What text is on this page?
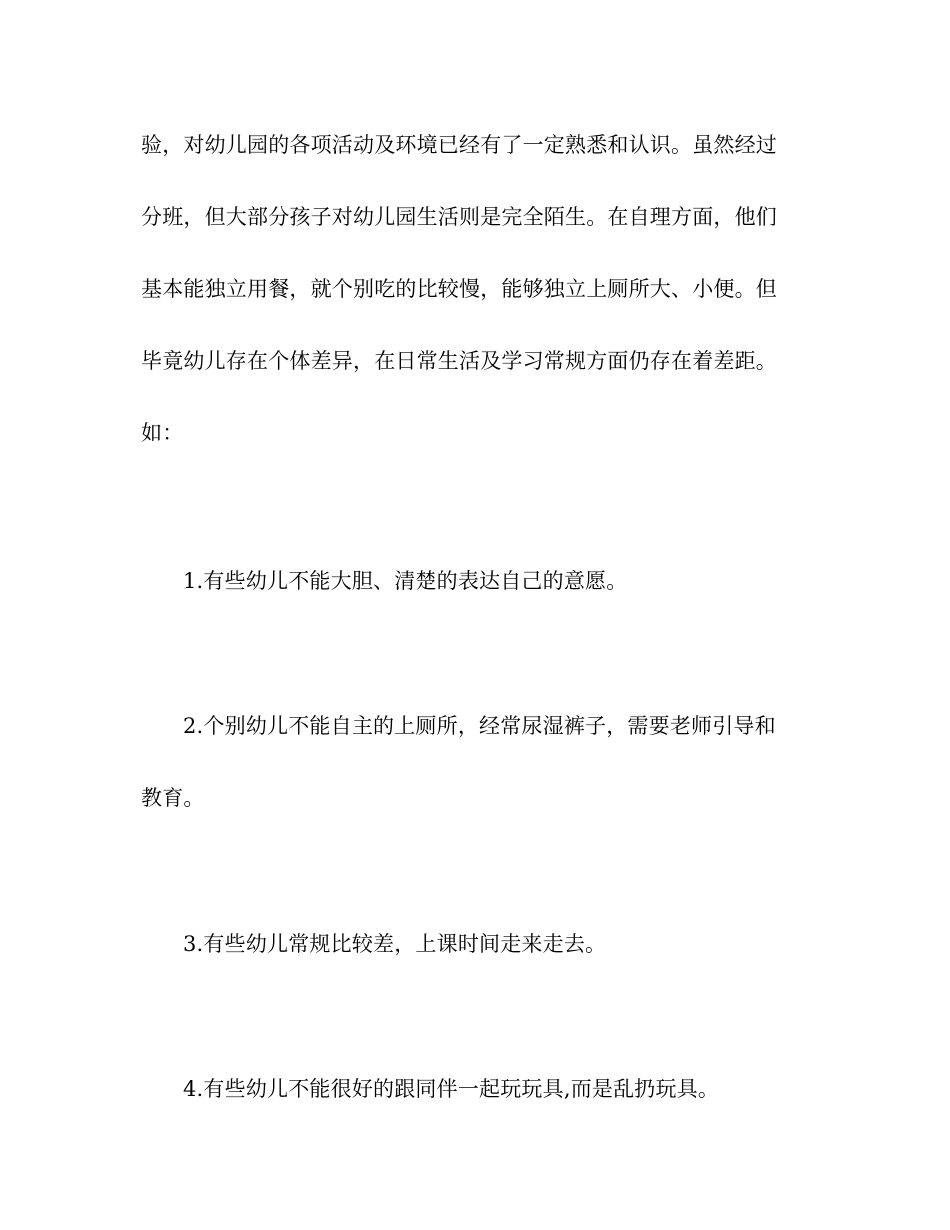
验，对幼儿园的各项活动及环境已经有了一定熟悉和认识。虽然经过
分班，但大部分孩子对幼儿园生活则是完全陌生。在自理方面，他们
基本能独立用餐，就个别吃的比较慢，能够独立上厕所大、小便。但
毕竟幼儿存在个体差异，在日常生活及学习常规方面仍存在着差距。
如：
1.有些幼儿不能大胆、清楚的表达自己的意愿。
2.个别幼儿不能自主的上厕所，经常尿湿裤子，需要老师引导和
教育。
3.有些幼儿常规比较差，上课时间走来走去。
4.有些幼儿不能很好的跟同伴一起玩玩具,而是乱扔玩具。
